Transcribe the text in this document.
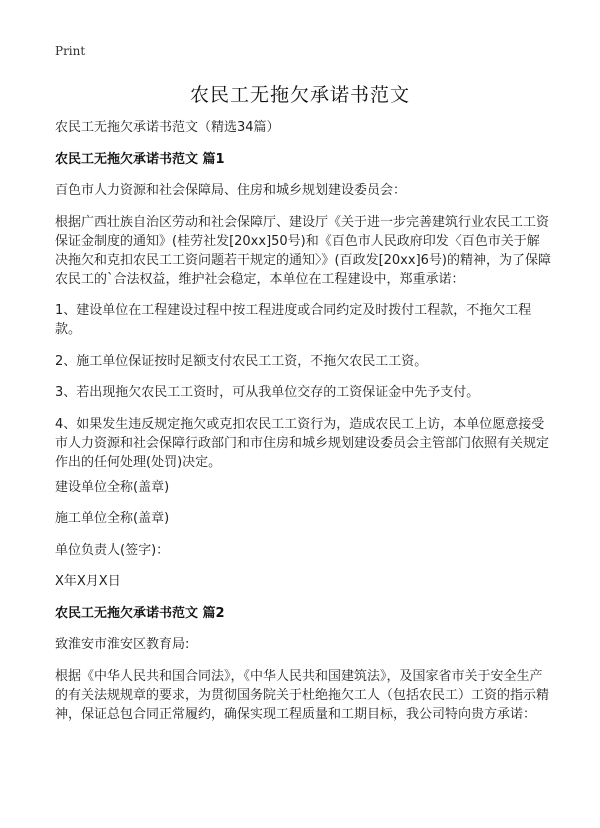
Print
农民工无拖欠承诺书范文

农民工无拖欠承诺书范文（精选34篇）

农民工无拖欠承诺书范文 篇1

百色市人力资源和社会保障局、住房和城乡规划建设委员会：

根据广西壮族自治区劳动和社会保障厅、建设厅《关于进一步完善建筑行业农民工工资保证金制度的通知》(桂劳社发[20xx]50号)和《百色市人民政府印发〈百色市关于解决拖欠和克扣农民工工资问题若干规定的通知〉》(百政发[20xx]6号)的精神，为了保障农民工的`合法权益，维护社会稳定，本单位在工程建设中，郑重承诺：

1、建设单位在工程建设过程中按工程进度或合同约定及时拨付工程款，不拖欠工程款。

2、施工单位保证按时足额支付农民工工资，不拖欠农民工工资。

3、若出现拖欠农民工工资时，可从我单位交存的工资保证金中先予支付。

4、如果发生违反规定拖欠或克扣农民工工资行为，造成农民工上访，本单位愿意接受市人力资源和社会保障行政部门和市住房和城乡规划建设委员会主管部门依照有关规定作出的任何处理(处罚)决定。

建设单位全称(盖章)

施工单位全称(盖章)

单位负责人(签字)：

X年X月X日

农民工无拖欠承诺书范文 篇2

致淮安市淮安区教育局:

根据《中华人民共和国合同法》，《中华人民共和国建筑法》，及国家省市关于安全生产的有关法规规章的要求，为贯彻国务院关于杜绝拖欠工人（包括农民工）工资的指示精神，保证总包合同正常履约，确保实现工程质量和工期目标，我公司特向贵方承诺：
